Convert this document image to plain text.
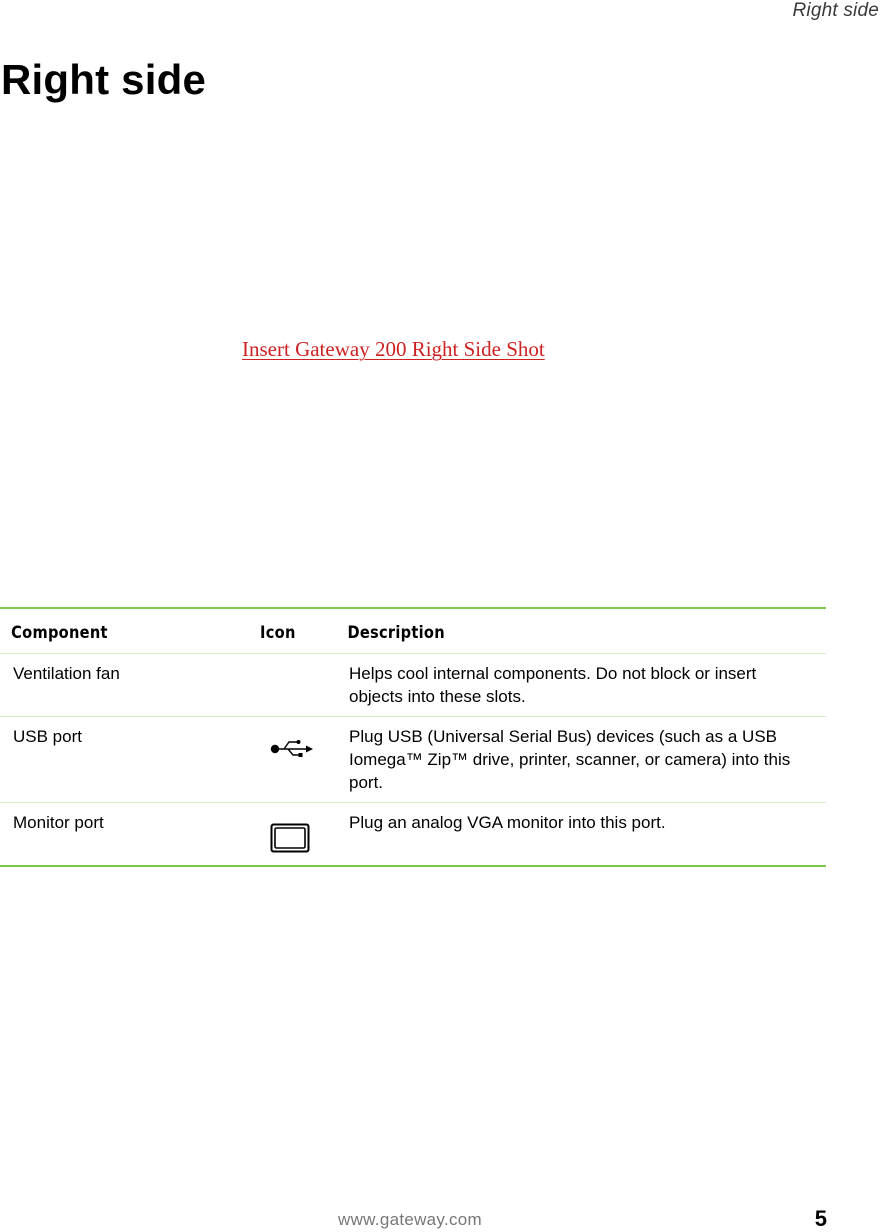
Right side
Right side
Insert Gateway 200 Right Side Shot
Component	Icon	Description
Ventilation fan		Helps cool internal components. Do not block or insert objects into these slots.
USB port		Plug USB (Universal Serial Bus) devices (such as a USB Iomega™ Zip™ drive, printer, scanner, or camera) into this port.
Monitor port		Plug an analog VGA monitor into this port.
www.gateway.com	5
